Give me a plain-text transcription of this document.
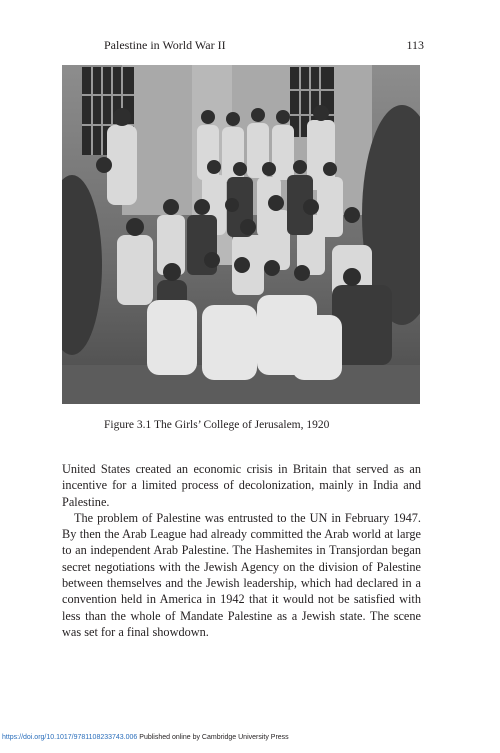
Palestine in World War II	113
Figure 3.1 The Girls’ College of Jerusalem, 1920

United States created an economic crisis in Britain that served as an incentive for a limited process of decolonization, mainly in India and Palestine.

The problem of Palestine was entrusted to the UN in February 1947. By then the Arab League had already committed the Arab world at large to an independent Arab Palestine. The Hashemites in Transjordan began secret negotiations with the Jewish Agency on the division of Palestine between themselves and the Jewish leadership, which had declared in a convention held in America in 1942 that it would not be satisfied with less than the whole of Mandate Palestine as a Jewish state. The scene was set for a final showdown.

https://doi.org/10.1017/9781108233743.006 Published online by Cambridge University Press
